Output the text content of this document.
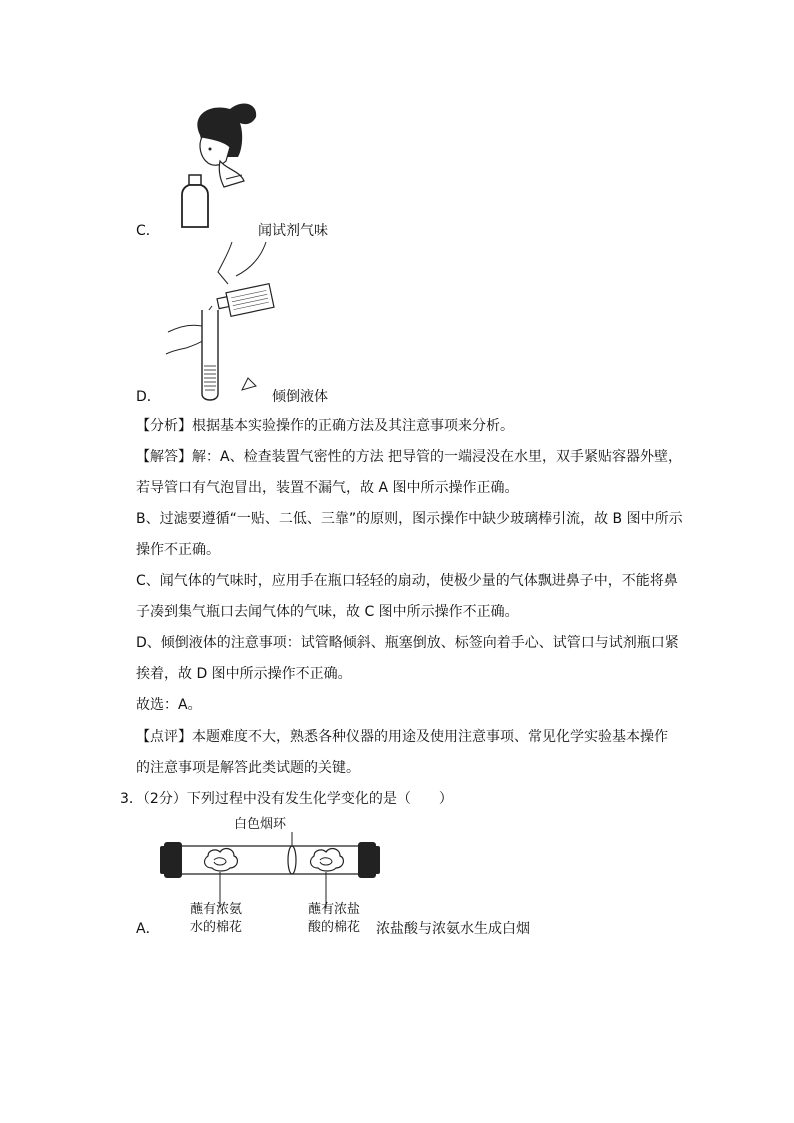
C．	闻试剂气味
D．	倾倒液体
【分析】根据基本实验操作的正确方法及其注意事项来分析。
【解答】解：A、检查装置气密性的方法 把导管的一端浸没在水里，双手紧贴容器外壁，
若导管口有气泡冒出，装置不漏气，故 A 图中所示操作正确。
B、过滤要遵循“一贴、二低、三靠”的原则，图示操作中缺少玻璃棒引流，故 B 图中所示
操作不正确。
C、闻气体的气味时，应用手在瓶口轻轻的扇动，使极少量的气体飘进鼻子中，不能将鼻
子凑到集气瓶口去闻气体的气味，故 C 图中所示操作不正确。
D、倾倒液体的注意事项：试管略倾斜、瓶塞倒放、标签向着手心、试管口与试剂瓶口紧
挨着，故 D 图中所示操作不正确。
故选：A。
【点评】本题难度不大，熟悉各种仪器的用途及使用注意事项、常见化学实验基本操作
的注意事项是解答此类试题的关键。
3．（2分）下列过程中没有发生化学变化的是（　　）
白色烟环
蘸有浓氨
水的棉花
蘸有浓盐
酸的棉花
A．	浓盐酸与浓氨水生成白烟
